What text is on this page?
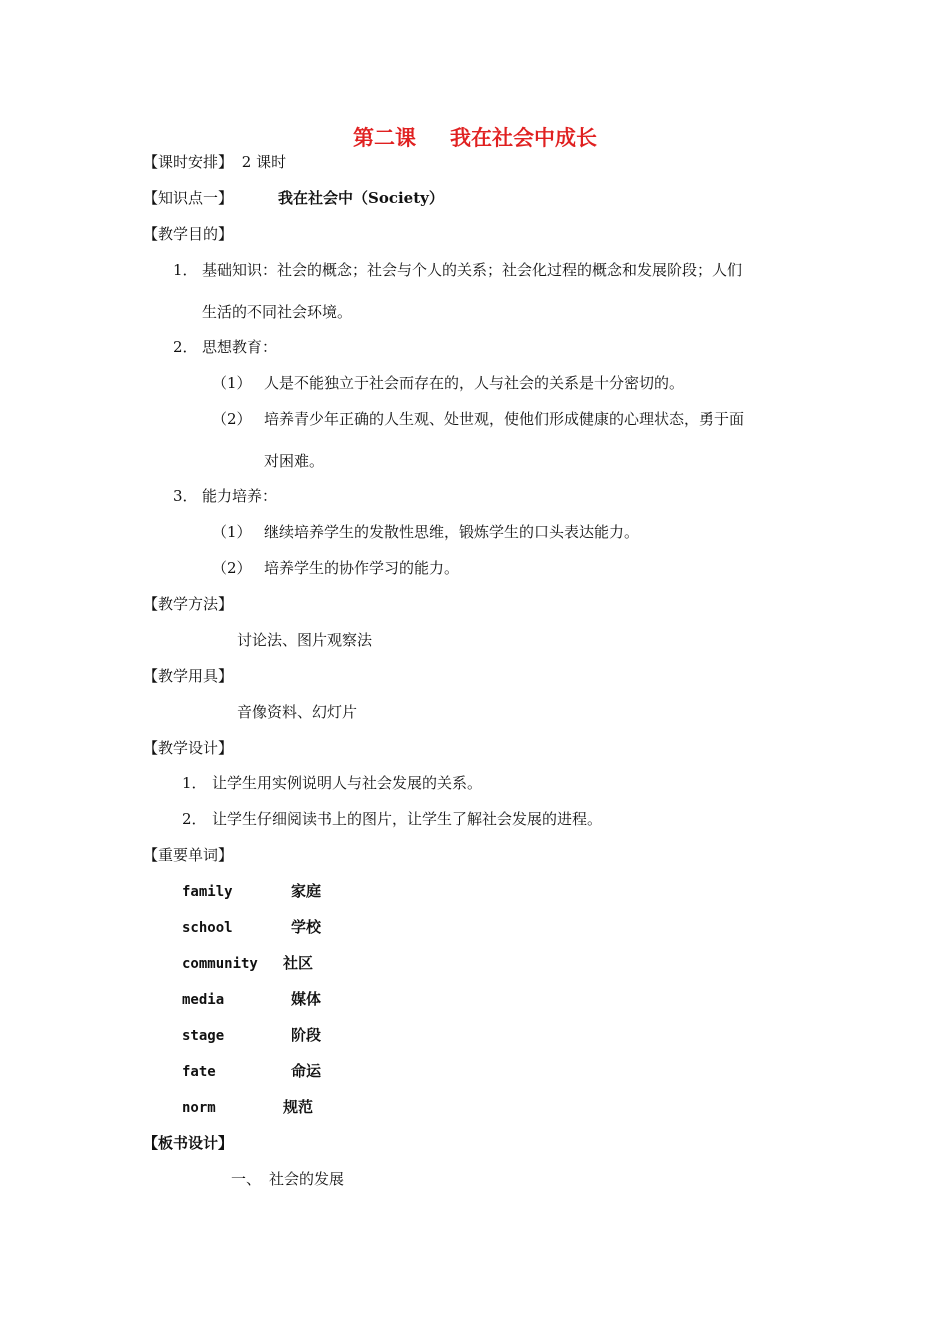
第二课 我在社会中成长
【课时安排】 2 课时
【知识点一】	我在社会中（Society）
【教学目的】
1． 基础知识：社会的概念；社会与个人的关系；社会化过程的概念和发展阶段；人们
生活的不同社会环境。
2． 思想教育：
（1） 人是不能独立于社会而存在的，人与社会的关系是十分密切的。
（2） 培养青少年正确的人生观、处世观，使他们形成健康的心理状态，勇于面
对困难。
3． 能力培养：
（1） 继续培养学生的发散性思维，锻炼学生的口头表达能力。
（2） 培养学生的协作学习的能力。
【教学方法】
讨论法、图片观察法
【教学用具】
音像资料、幻灯片
【教学设计】
1． 让学生用实例说明人与社会发展的关系。
2． 让学生仔细阅读书上的图片，让学生了解社会发展的进程。
【重要单词】
family	家庭
school	学校
community 社区
media	媒体
stage	阶段
fate	命运
norm	规范
【板书设计】
一、 社会的发展
